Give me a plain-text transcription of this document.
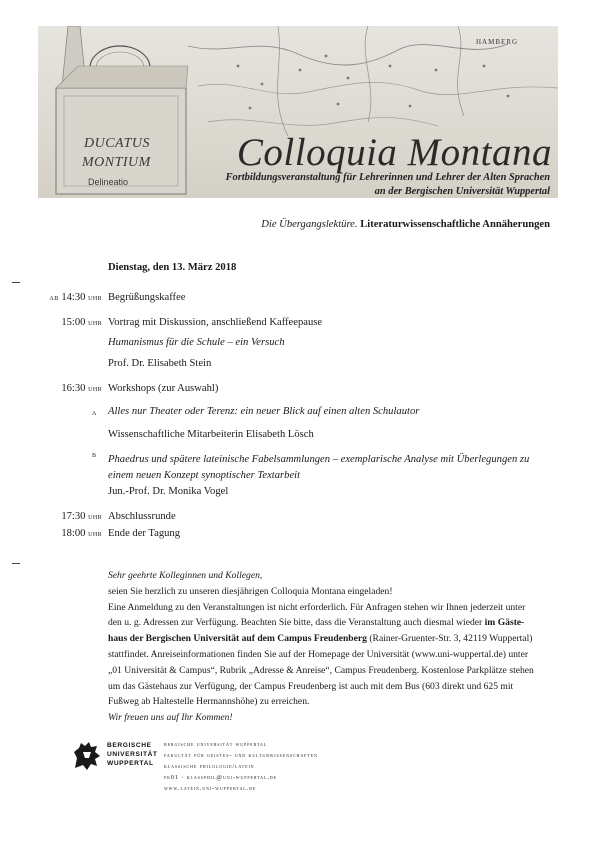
HAMBERG
DUCATUS
MONTIUM
Delineatio
Colloquia Montana
Fortbildungsveranstaltung für Lehrerinnen und Lehrer der Alten Sprachen
an der Bergischen Universität Wuppertal
Die Übergangslektüre. Literaturwissenschaftliche Annäherungen
Dienstag, den 13. März 2018
ab 14:30 uhr Begrüßungskaffee
15:00 uhr Vortrag mit Diskussion, anschließend Kaffeepause
Humanismus für die Schule – ein Versuch
Prof. Dr. Elisabeth Stein
16:30 uhr Workshops (zur Auswahl)
a Alles nur Theater oder Terenz: ein neuer Blick auf einen alten Schulautor
Wissenschaftliche Mitarbeiterin Elisabeth Lösch
b Phaedrus und spätere lateinische Fabelsammlungen – exemplarische Analyse mit Überlegungen zu
einem neuen Konzept synoptischer Textarbeit
Jun.-Prof. Dr. Monika Vogel
17:30 uhr Abschlussrunde
18:00 uhr Ende der Tagung

Sehr geehrte Kolleginnen und Kollegen,

seien Sie herzlich zu unseren diesjährigen Colloquia Montana eingeladen!

Eine Anmeldung zu den Veranstaltungen ist nicht erforderlich. Für Anfragen stehen wir Ihnen jederzeit unter

den u. g. Adressen zur Verfügung. Beachten Sie bitte, dass die Veranstaltung auch diesmal wieder im Gäste-

haus der Bergischen Universität auf dem Campus Freudenberg (Rainer-Gruenter-Str. 3, 42119 Wuppertal)

stattfindet. Anreiseinformationen finden Sie auf der Homepage der Universität (www.uni-wuppertal.de) unter

„01 Universität & Campus“, Rubrik „Adresse & Anreise“, Campus Freudenberg. Kostenlose Parkplätze stehen

um das Gästehaus zur Verfügung, der Campus Freudenberg ist auch mit dem Bus (603 direkt und 625 mit

Fußweg ab Haltestelle Hermannshöhe) zu erreichen.

Wir freuen uns auf Ihr Kommen!

BERGISCHE
UNIVERSITÄT
WUPPERTAL
bergische universität wuppertal
fakultät für geistes- und kulturwissenschaften
klassische philologie/latein
fk01 · klassphil@uni-wuppertal.de
www.latein.uni-wuppertal.de
